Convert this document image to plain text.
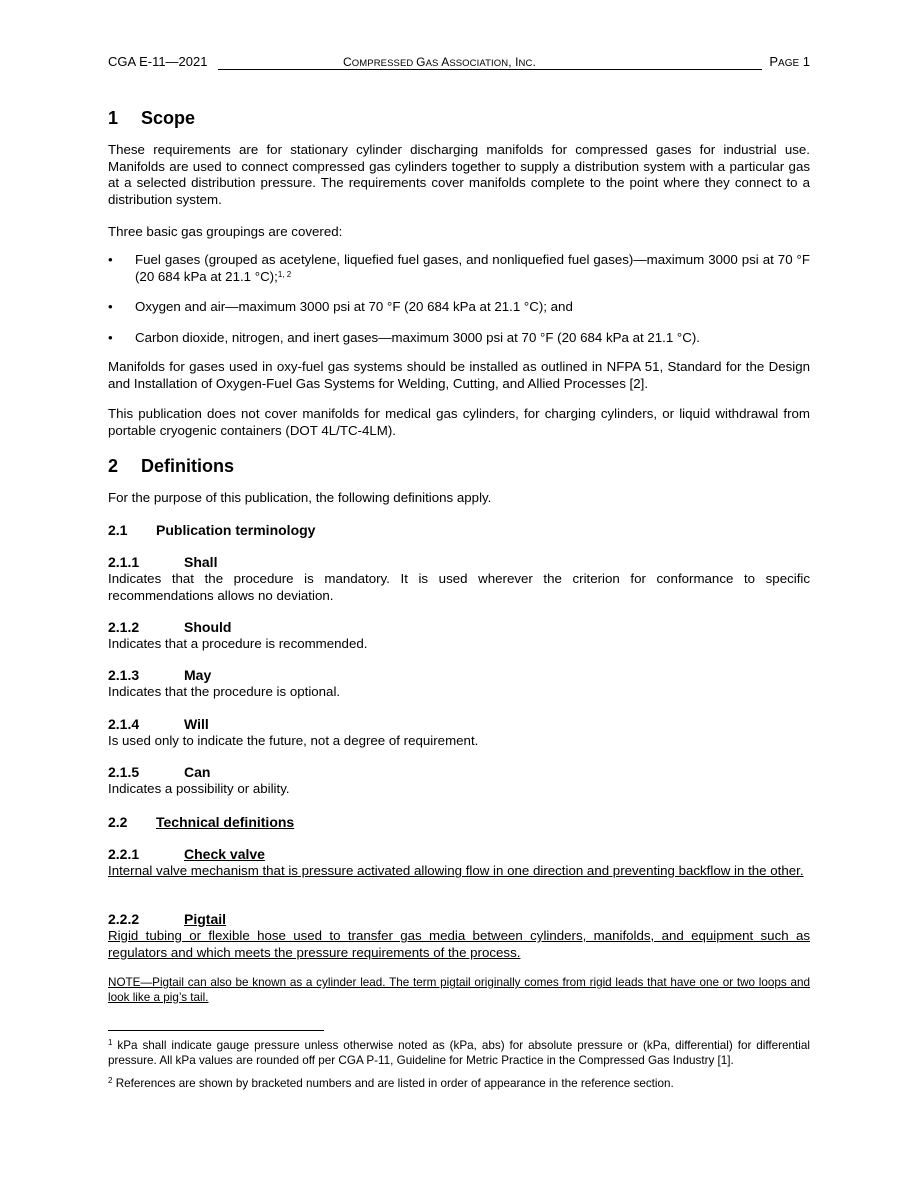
CGA E-11—2021	COMPRESSED GAS ASSOCIATION, INC.	PAGE 1
1 Scope

These requirements are for stationary cylinder discharging manifolds for compressed gases for industrial use. Manifolds are used to connect compressed gas cylinders together to supply a distribution system with a particular gas at a selected distribution pressure. The requirements cover manifolds complete to the point where they connect to a distribution system.

Three basic gas groupings are covered:

• Fuel gases (grouped as acetylene, liquefied fuel gases, and nonliquefied fuel gases)—maximum 3000 psi at 70 °F (20 684 kPa at 21.1 °C);$^{1, 2}$
• Oxygen and air—maximum 3000 psi at 70 °F (20 684 kPa at 21.1 °C); and
• Carbon dioxide, nitrogen, and inert gases—maximum 3000 psi at 70 °F (20 684 kPa at 21.1 °C).

Manifolds for gases used in oxy-fuel gas systems should be installed as outlined in NFPA 51, Standard for the Design and Installation of Oxygen-Fuel Gas Systems for Welding, Cutting, and Allied Processes [2].

This publication does not cover manifolds for medical gas cylinders, for charging cylinders, or liquid withdrawal from portable cryogenic containers (DOT 4L/TC-4LM).

2 Definitions

For the purpose of this publication, the following definitions apply.

2.1 Publication terminology
2.1.1	Shall

Indicates that the procedure is mandatory. It is used wherever the criterion for conformance to specific recommendations allows no deviation.

2.1.2	Should

Indicates that a procedure is recommended.

2.1.3	May

Indicates that the procedure is optional.

2.1.4	Will

Is used only to indicate the future, not a degree of requirement.

2.1.5	Can

Indicates a possibility or ability.

2.2 Technical definitions
2.2.1	Check valve

Internal valve mechanism that is pressure activated allowing flow in one direction and preventing backflow in the other.

2.2.2	Pigtail

Rigid tubing or flexible hose used to transfer gas media between cylinders, manifolds, and equipment such as regulators and which meets the pressure requirements of the process.

NOTE—Pigtail can also be known as a cylinder lead. The term pigtail originally comes from rigid leads that have one or two loops and look like a pig’s tail.

$^1$ kPa shall indicate gauge pressure unless otherwise noted as (kPa, abs) for absolute pressure or (kPa, differential) for differential pressure. All kPa values are rounded off per CGA P-11, Guideline for Metric Practice in the Compressed Gas Industry [1].

$^2$ References are shown by bracketed numbers and are listed in order of appearance in the reference section.
